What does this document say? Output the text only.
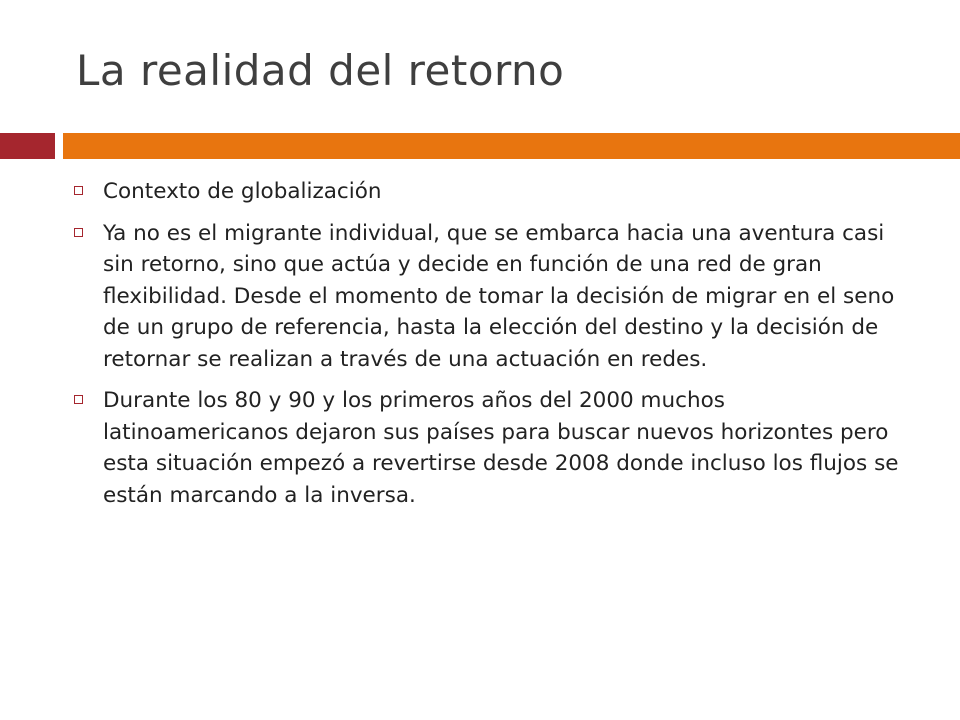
La realidad del retorno
Contexto de globalización
Ya no es el migrante individual, que se embarca hacia una aventura casi sin retorno, sino que actúa y decide en función de una red de gran flexibilidad. Desde el momento de tomar la decisión de migrar en el seno de un grupo de referencia, hasta la elección del destino y la decisión de retornar se realizan a través de una actuación en redes.
Durante los 80 y 90 y los primeros años del 2000 muchos latinoamericanos dejaron sus países para buscar nuevos horizontes pero esta situación empezó a revertirse desde 2008 donde incluso los flujos se están marcando a la inversa.
